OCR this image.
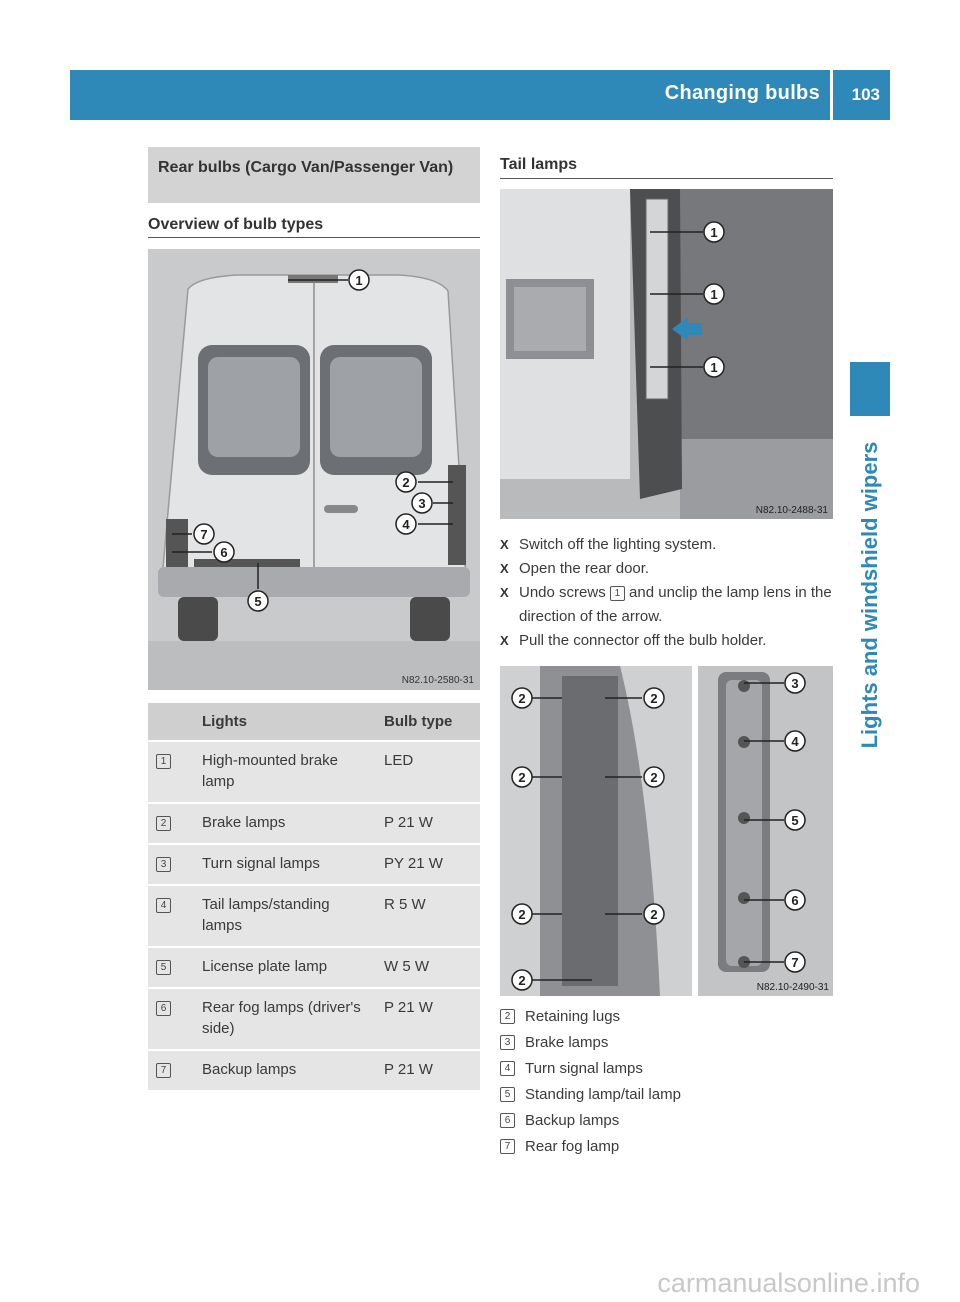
Changing bulbs 103
Lights and windshield wipers
Rear bulbs (Cargo Van/Passenger Van)
Overview of bulb types
1
2
3
4
5
6
7
N82.10-2580-31
	Lights	Bulb type
1	High-mounted brake lamp	LED
2	Brake lamps	P 21 W
3	Turn signal lamps	PY 21 W
4	Tail lamps/standing lamps	R 5 W
5	License plate lamp	W 5 W
6	Rear fog lamps (driver's side)	P 21 W
7	Backup lamps	P 21 W
Tail lamps
1
1
1
N82.10-2488-31
X Switch off the lighting system.
X Open the rear door.
X Undo screws 1 and unclip the lamp lens in the direction of the arrow.
X Pull the connector off the bulb holder.
2	2
2	2
2	2
2
3
4
5
6
7
N82.10-2490-31
2 Retaining lugs
3 Brake lamps
4 Turn signal lamps
5 Standing lamp/tail lamp
6 Backup lamps
7 Rear fog lamp
carmanualsonline.info
